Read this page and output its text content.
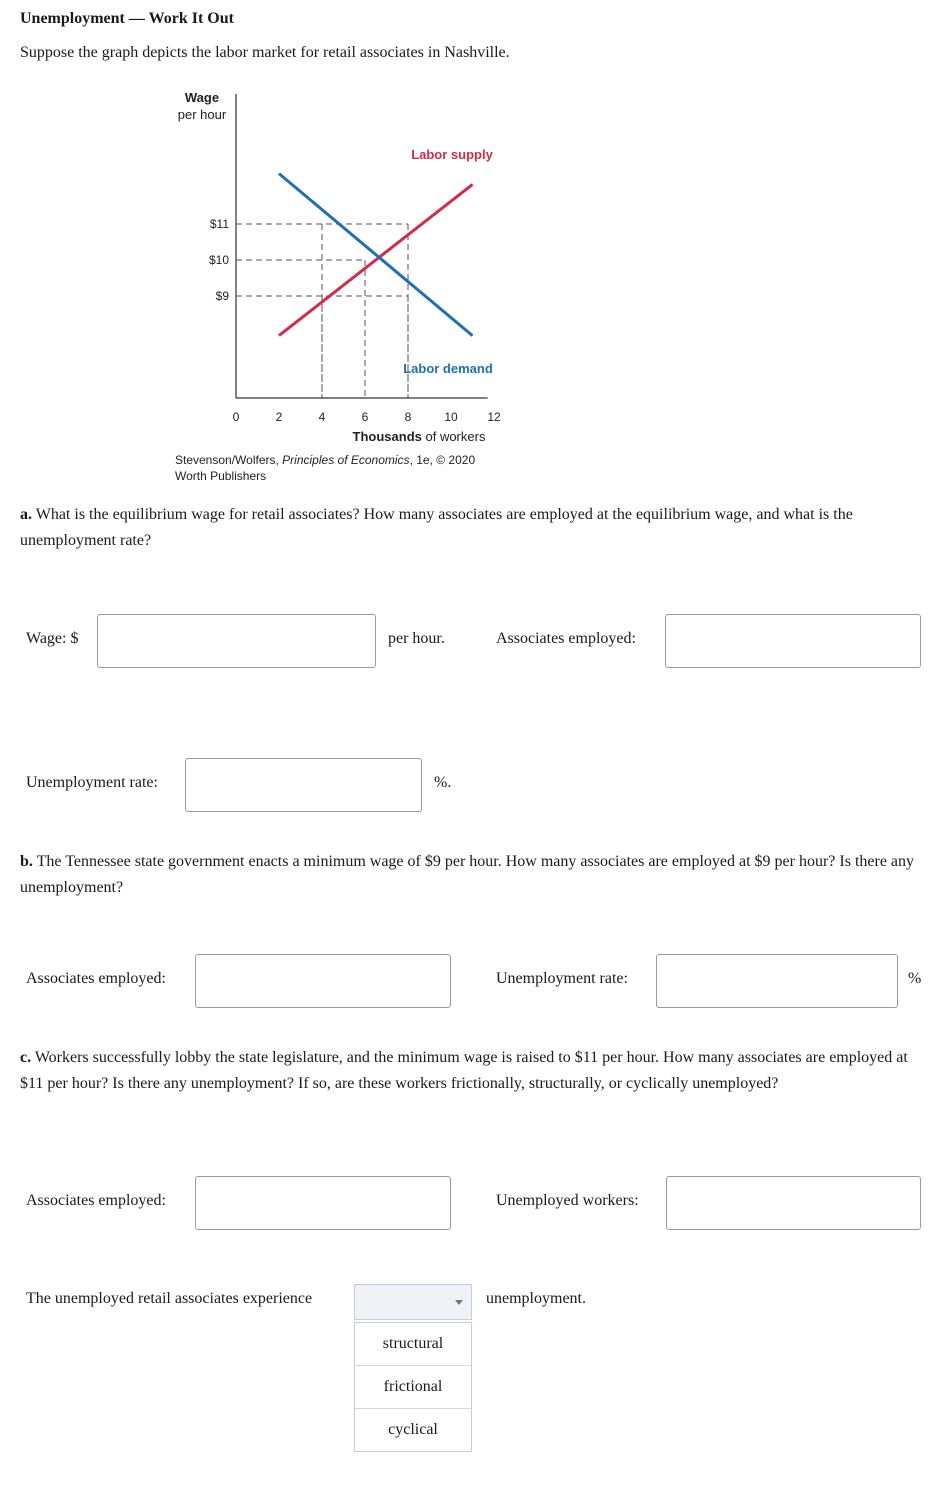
Unemployment — Work It Out
Suppose the graph depicts the labor market for retail associates in Nashville.
Wage
per hour
$11
$10
$9
0	2	4	6	8	10 12
Thousands of workers
Labor supply
Labor demand
Stevenson/Wolfers, Principles of Economics, 1e, © 2020
Worth Publishers
a. What is the equilibrium wage for retail associates? How many associates are employed at the equilibrium wage, and what is the unemployment rate?
Wage: $	per hour.	Associates employed:
Unemployment rate:	%.
b. The Tennessee state government enacts a minimum wage of $9 per hour. How many associates are employed at $9 per hour? Is there any unemployment?
Associates employed:	Unemployment rate:	%
c. Workers successfully lobby the state legislature, and the minimum wage is raised to $11 per hour. How many associates are employed at $11 per hour? Is there any unemployment? If so, are these workers frictionally, structurally, or cyclically unemployed?
Associates employed:	Unemployed workers:
The unemployed retail associates experience	unemployment.
structural
frictional
cyclical
